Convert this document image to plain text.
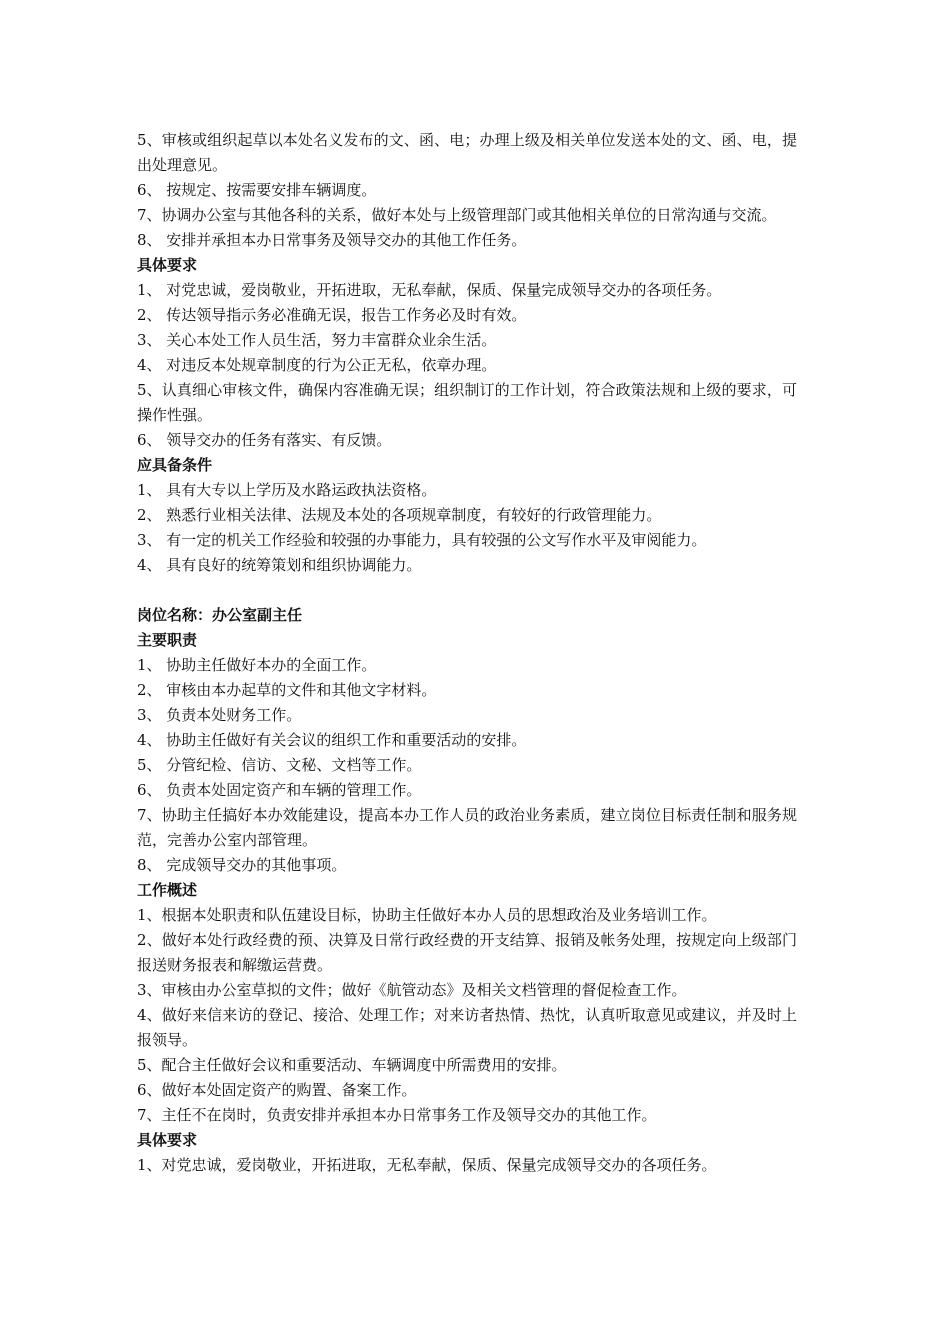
5、审核或组织起草以本处名义发布的文、函、电；办理上级及相关单位发送本处的文、函、电，提出处理意见。

6、 按规定、按需要安排车辆调度。

7、协调办公室与其他各科的关系，做好本处与上级管理部门或其他相关单位的日常沟通与交流。

8、 安排并承担本办日常事务及领导交办的其他工作任务。

具体要求

1、 对党忠诚，爱岗敬业，开拓进取，无私奉献，保质、保量完成领导交办的各项任务。

2、 传达领导指示务必准确无误，报告工作务必及时有效。

3、 关心本处工作人员生活，努力丰富群众业余生活。

4、 对违反本处规章制度的行为公正无私，依章办理。

5、认真细心审核文件，确保内容准确无误；组织制订的工作计划，符合政策法规和上级的要求，可操作性强。

6、 领导交办的任务有落实、有反馈。

应具备条件

1、 具有大专以上学历及水路运政执法资格。

2、 熟悉行业相关法律、法规及本处的各项规章制度，有较好的行政管理能力。

3、 有一定的机关工作经验和较强的办事能力，具有较强的公文写作水平及审阅能力。

4、 具有良好的统筹策划和组织协调能力。

岗位名称：办公室副主任

主要职责

1、 协助主任做好本办的全面工作。

2、 审核由本办起草的文件和其他文字材料。

3、 负责本处财务工作。

4、 协助主任做好有关会议的组织工作和重要活动的安排。

5、 分管纪检、信访、文秘、文档等工作。

6、 负责本处固定资产和车辆的管理工作。

7、协助主任搞好本办效能建设，提高本办工作人员的政治业务素质，建立岗位目标责任制和服务规范，完善办公室内部管理。

8、 完成领导交办的其他事项。

工作概述

1、根据本处职责和队伍建设目标，协助主任做好本办人员的思想政治及业务培训工作。

2、做好本处行政经费的预、决算及日常行政经费的开支结算、报销及帐务处理，按规定向上级部门报送财务报表和解缴运营费。

3、审核由办公室草拟的文件；做好《航管动态》及相关文档管理的督促检查工作。

4、做好来信来访的登记、接洽、处理工作；对来访者热情、热忱，认真听取意见或建议，并及时上报领导。

5、配合主任做好会议和重要活动、车辆调度中所需费用的安排。

6、做好本处固定资产的购置、备案工作。

7、主任不在岗时，负责安排并承担本办日常事务工作及领导交办的其他工作。

具体要求

1、对党忠诚，爱岗敬业，开拓进取，无私奉献，保质、保量完成领导交办的各项任务。
